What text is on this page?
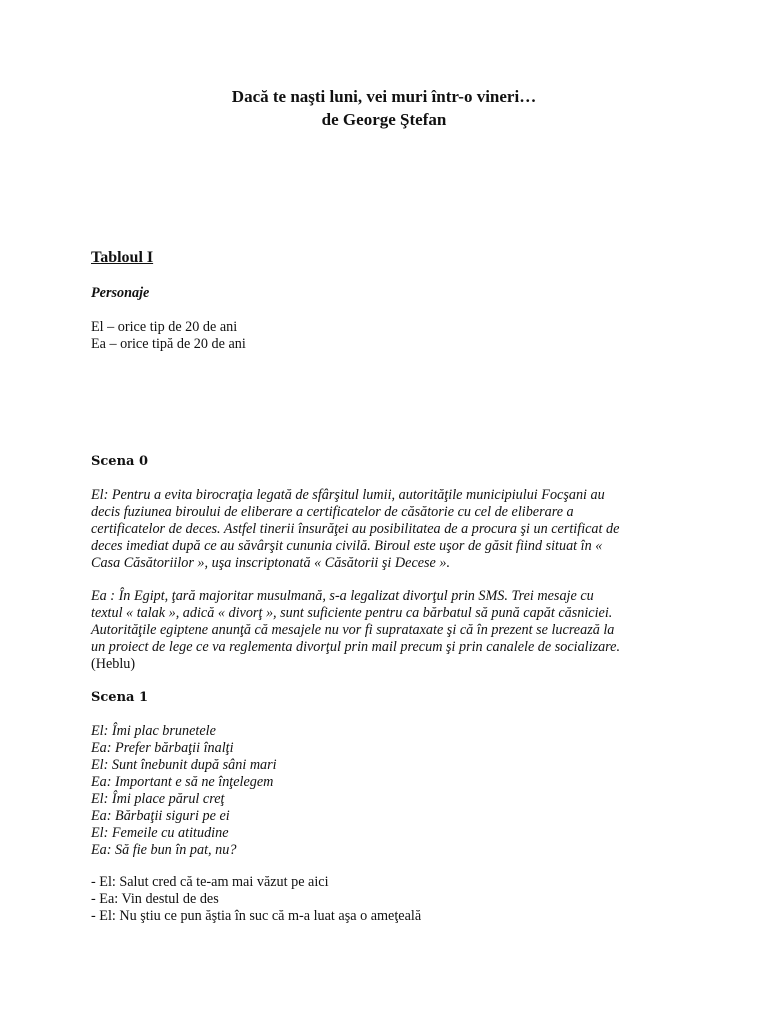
Dacă te naşti luni, vei muri într-o vineri…
de George Ştefan
Tabloul I
Personaje
El – orice tip de 20 de ani
Ea – orice tipă de 20 de ani
Scena 0
El: Pentru a evita birocraţia legată de sfârşitul lumii, autorităţile municipiului Focşani au
decis fuziunea biroului de eliberare a certificatelor de căsătorie cu cel de eliberare a
certificatelor de deces. Astfel tinerii însurăţei au posibilitatea de a procura şi un certificat de
deces imediat după ce au săvârşit cununia civilă. Biroul este uşor de găsit fiind situat în «
Casa Căsătoriilor », uşa inscriptonată « Căsătorii şi Decese ».
Ea : În Egipt, ţară majoritar musulmană, s-a legalizat divorţul prin SMS. Trei mesaje cu
textul « talak », adică « divorţ », sunt suficiente pentru ca bărbatul să pună capăt căsniciei.
Autorităţile egiptene anunţă că mesajele nu vor fi suprataxate şi că în prezent se lucrează la
un proiect de lege ce va reglementa divorţul prin mail precum şi prin canalele de socializare.
(Heblu)
Scena 1
El: Îmi plac brunetele
Ea: Prefer bărbaţii înalţi
El: Sunt înebunit după sâni mari
Ea: Important e să ne înţelegem
El: Îmi place părul creţ
Ea: Bărbaţii siguri pe ei
El: Femeile cu atitudine
Ea: Să fie bun în pat, nu?
- El: Salut cred că te-am mai văzut pe aici
- Ea: Vin destul de des
- El: Nu ştiu ce pun ăştia în suc că m-a luat aşa o ameţeală
